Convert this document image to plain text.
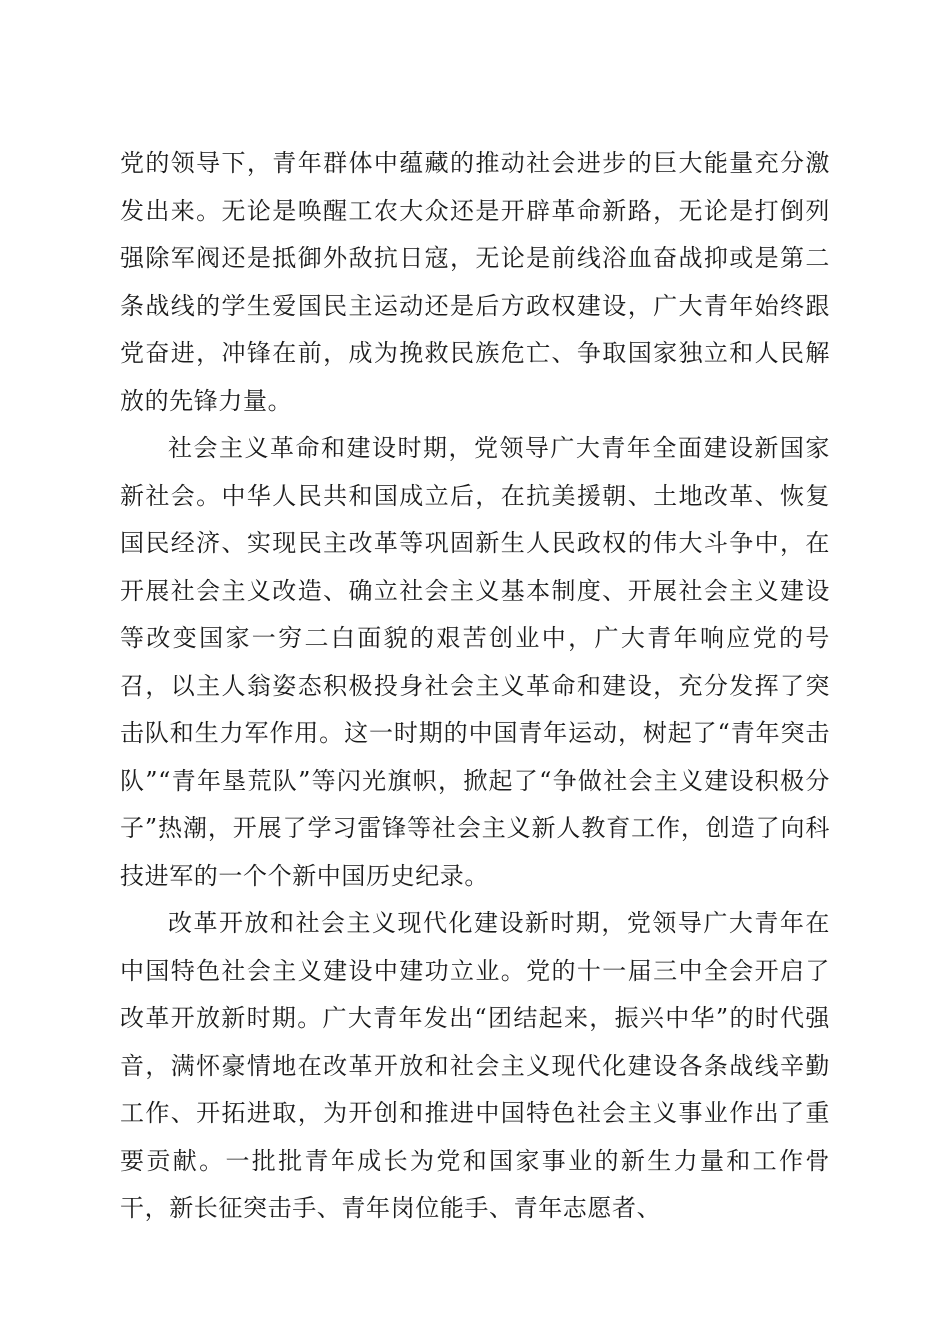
党的领导下，青年群体中蕴藏的推动社会进步的巨大能量充分激发出来。无论是唤醒工农大众还是开辟革命新路，无论是打倒列强除军阀还是抵御外敌抗日寇，无论是前线浴血奋战抑或是第二条战线的学生爱国民主运动还是后方政权建设，广大青年始终跟党奋进，冲锋在前，成为挽救民族危亡、争取国家独立和人民解放的先锋力量。

社会主义革命和建设时期，党领导广大青年全面建设新国家新社会。中华人民共和国成立后，在抗美援朝、土地改革、恢复国民经济、实现民主改革等巩固新生人民政权的伟大斗争中，在开展社会主义改造、确立社会主义基本制度、开展社会主义建设等改变国家一穷二白面貌的艰苦创业中，广大青年响应党的号召，以主人翁姿态积极投身社会主义革命和建设，充分发挥了突击队和生力军作用。这一时期的中国青年运动，树起了“青年突击队”“青年垦荒队”等闪光旗帜，掀起了“争做社会主义建设积极分子”热潮，开展了学习雷锋等社会主义新人教育工作，创造了向科技进军的一个个新中国历史纪录。

改革开放和社会主义现代化建设新时期，党领导广大青年在中国特色社会主义建设中建功立业。党的十一届三中全会开启了改革开放新时期。广大青年发出“团结起来，振兴中华”的时代强音，满怀豪情地在改革开放和社会主义现代化建设各条战线辛勤工作、开拓进取，为开创和推进中国特色社会主义事业作出了重要贡献。一批批青年成长为党和国家事业的新生力量和工作骨干，新长征突击手、青年岗位能手、青年志愿者、
